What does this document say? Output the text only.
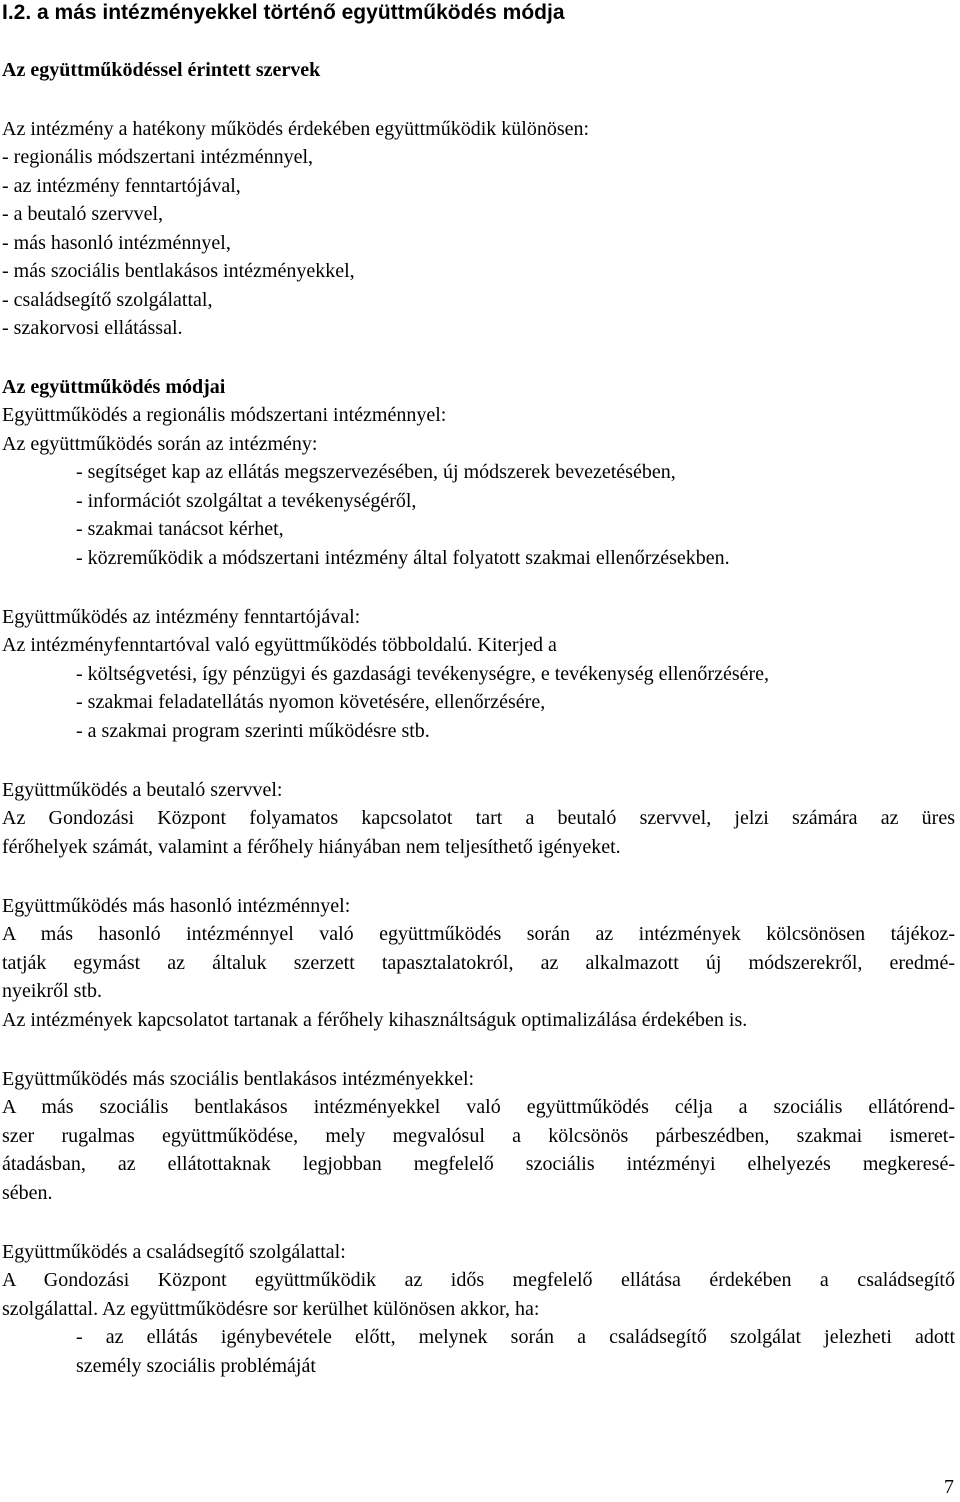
I.2. a más intézményekkel történő együttműködés módja
Az együttműködéssel érintett szervek
Az intézmény a hatékony működés érdekében együttműködik különösen:
- regionális módszertani intézménnyel,
- az intézmény fenntartójával,
- a beutaló szervvel,
- más hasonló intézménnyel,
- más szociális bentlakásos intézményekkel,
- családsegítő szolgálattal,
- szakorvosi ellátással.
Az együttműködés módjai
Együttműködés a regionális módszertani intézménnyel:
Az együttműködés során az intézmény:
- segítséget kap az ellátás megszervezésében, új módszerek bevezetésében,
- információt szolgáltat a tevékenységéről,
- szakmai tanácsot kérhet,
- közreműködik a módszertani intézmény által folyatott szakmai ellenőrzésekben.
Együttműködés az intézmény fenntartójával:
Az intézményfenntartóval való együttműködés többoldalú. Kiterjed a
- költségvetési, így pénzügyi és gazdasági tevékenységre, e tevékenység ellenőrzésére,
- szakmai feladatellátás nyomon követésére, ellenőrzésére,
- a szakmai program szerinti működésre stb.
Együttműködés a beutaló szervvel:
Az Gondozási Központ folyamatos kapcsolatot tart a beutaló szervvel, jelzi számára az üres
férőhelyek számát, valamint a férőhely hiányában nem teljesíthető igényeket.
Együttműködés más hasonló intézménnyel:
A más hasonló intézménnyel való együttműködés során az intézmények kölcsönösen tájékoz-
tatják egymást az általuk szerzett tapasztalatokról, az alkalmazott új módszerekről, eredmé-
nyeikről stb.
Az intézmények kapcsolatot tartanak a férőhely kihasználtságuk optimalizálása érdekében is.
Együttműködés más szociális bentlakásos intézményekkel:
A más szociális bentlakásos intézményekkel való együttműködés célja a szociális ellátórend-
szer rugalmas együttműködése, mely megvalósul a kölcsönös párbeszédben, szakmai ismeret-
átadásban, az ellátottaknak legjobban megfelelő szociális intézményi elhelyezés megkeresé-
sében.
Együttműködés a családsegítő szolgálattal:
A Gondozási Központ együttműködik az idős megfelelő ellátása érdekében a családsegítő
szolgálattal. Az együttműködésre sor kerülhet különösen akkor, ha:
- az ellátás igénybevétele előtt, melynek során a családsegítő szolgálat jelezheti adott
személy szociális problémáját
7
